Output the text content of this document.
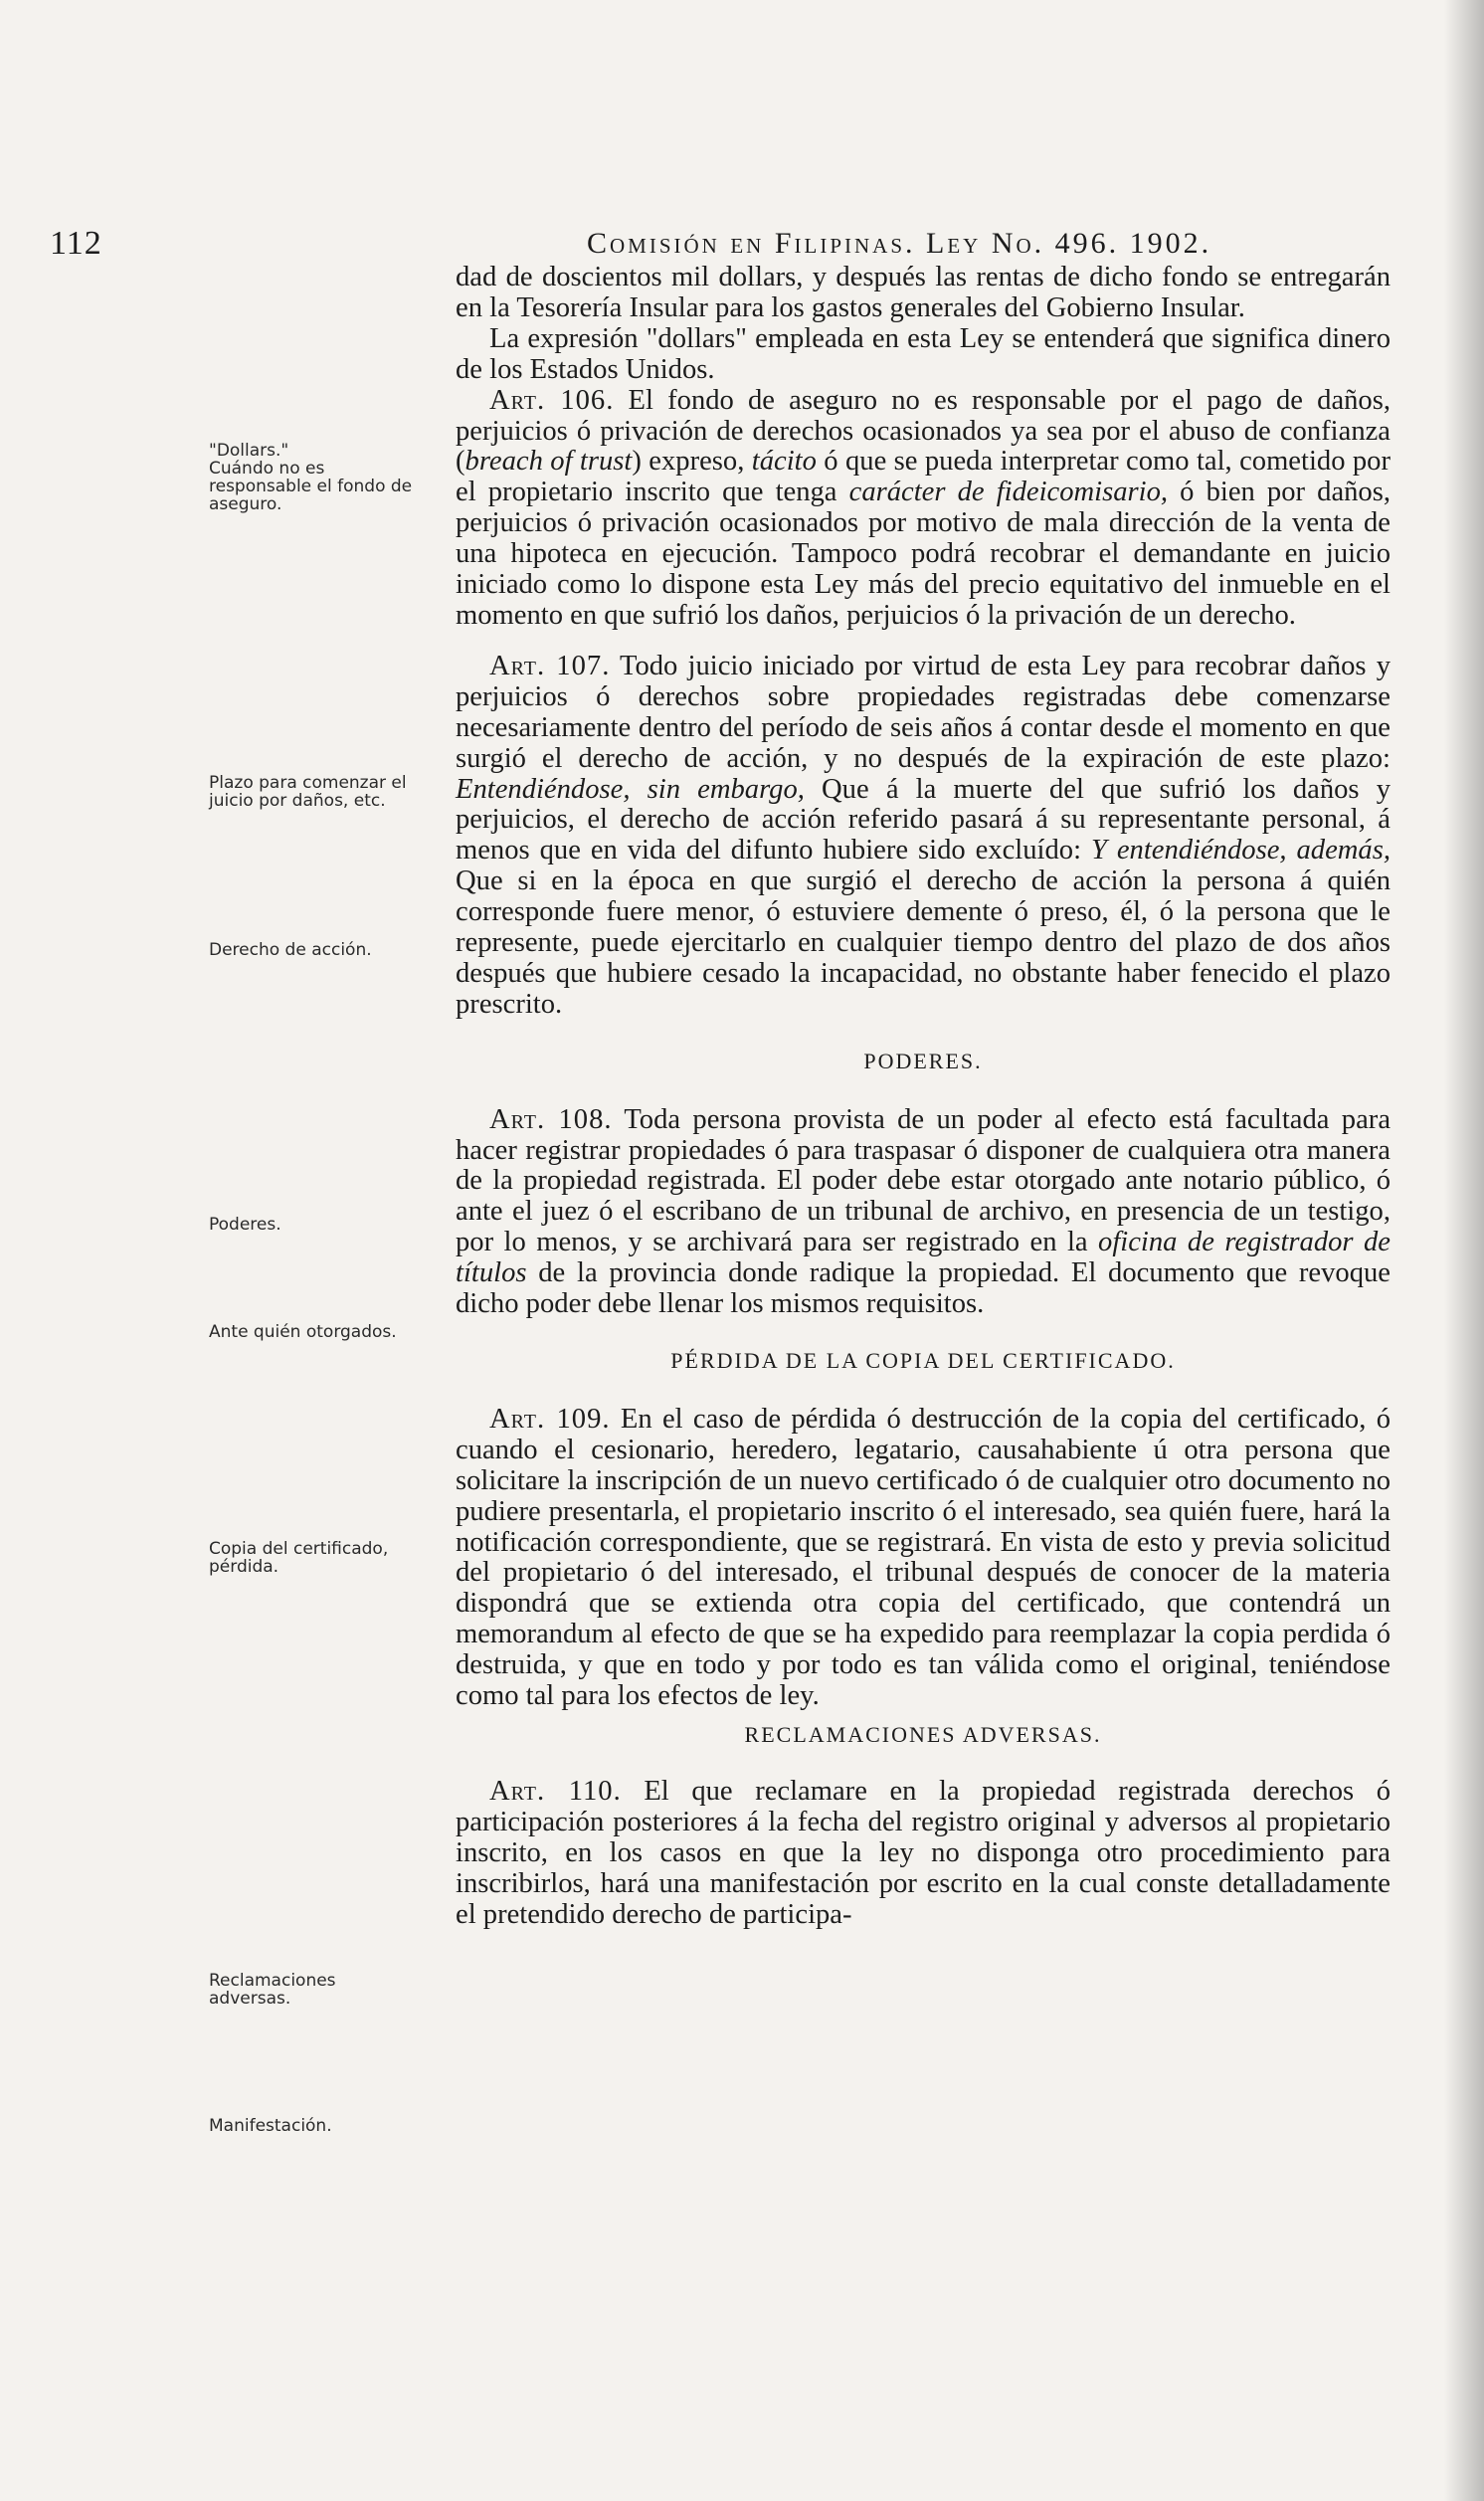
112	Comisión en Filipinas. Ley No. 496. 1902.
"Dollars."
Cuándo no es responsable el fondo de aseguro.
Plazo para comenzar el juicio por daños, etc.
Derecho de acción.
Poderes.
Ante quién otorgados.
Copia del certificado, pérdida.
Reclamaciones adversas.
Manifestación.

dad de doscientos mil dollars, y después las rentas de dicho fondo se entregarán en la Tesorería Insular para los gastos generales del Gobierno Insular.

La expresión "dollars" empleada en esta Ley se entenderá que significa dinero de los Estados Unidos.

Art. 106. El fondo de aseguro no es responsable por el pago de daños, perjuicios ó privación de derechos ocasionados ya sea por el abuso de confianza (breach of trust) expreso, tácito ó que se pueda interpretar como tal, cometido por el propietario inscrito que tenga carácter de fideicomisario, ó bien por daños, perjuicios ó privación ocasionados por motivo de mala dirección de la venta de una hipoteca en ejecución. Tampoco podrá recobrar el demandante en juicio iniciado como lo dispone esta Ley más del precio equitativo del inmueble en el momento en que sufrió los daños, perjuicios ó la privación de un derecho.

Art. 107. Todo juicio iniciado por virtud de esta Ley para recobrar daños y perjuicios ó derechos sobre propiedades registradas debe comenzarse necesariamente dentro del período de seis años á contar desde el momento en que surgió el derecho de acción, y no después de la expiración de este plazo: Entendiéndose, sin embargo, Que á la muerte del que sufrió los daños y perjuicios, el derecho de acción referido pasará á su representante personal, á menos que en vida del difunto hubiere sido excluído: Y entendiéndose, además, Que si en la época en que surgió el derecho de acción la persona á quién corresponde fuere menor, ó estuviere demente ó preso, él, ó la persona que le represente, puede ejercitarlo en cualquier tiempo dentro del plazo de dos años después que hubiere cesado la incapacidad, no obstante haber fenecido el plazo prescrito.

PODERES.

Art. 108. Toda persona provista de un poder al efecto está facultada para hacer registrar propiedades ó para traspasar ó disponer de cualquiera otra manera de la propiedad registrada. El poder debe estar otorgado ante notario público, ó ante el juez ó el escribano de un tribunal de archivo, en presencia de un testigo, por lo menos, y se archivará para ser registrado en la oficina de registrador de títulos de la provincia donde radique la propiedad. El documento que revoque dicho poder debe llenar los mismos requisitos.

PÉRDIDA DE LA COPIA DEL CERTIFICADO.

Art. 109. En el caso de pérdida ó destrucción de la copia del certificado, ó cuando el cesionario, heredero, legatario, causahabiente ú otra persona que solicitare la inscripción de un nuevo certificado ó de cualquier otro documento no pudiere presentarla, el propietario inscrito ó el interesado, sea quién fuere, hará la notificación correspondiente, que se registrará. En vista de esto y previa solicitud del propietario ó del interesado, el tribunal después de conocer de la materia dispondrá que se extienda otra copia del certificado, que contendrá un memorandum al efecto de que se ha expedido para reemplazar la copia perdida ó destruida, y que en todo y por todo es tan válida como el original, teniéndose como tal para los efectos de ley.

RECLAMACIONES ADVERSAS.

Art. 110. El que reclamare en la propiedad registrada derechos ó participación posteriores á la fecha del registro original y adversos al propietario inscrito, en los casos en que la ley no disponga otro procedimiento para inscribirlos, hará una manifestación por escrito en la cual conste detalladamente el pretendido derecho de participa-
